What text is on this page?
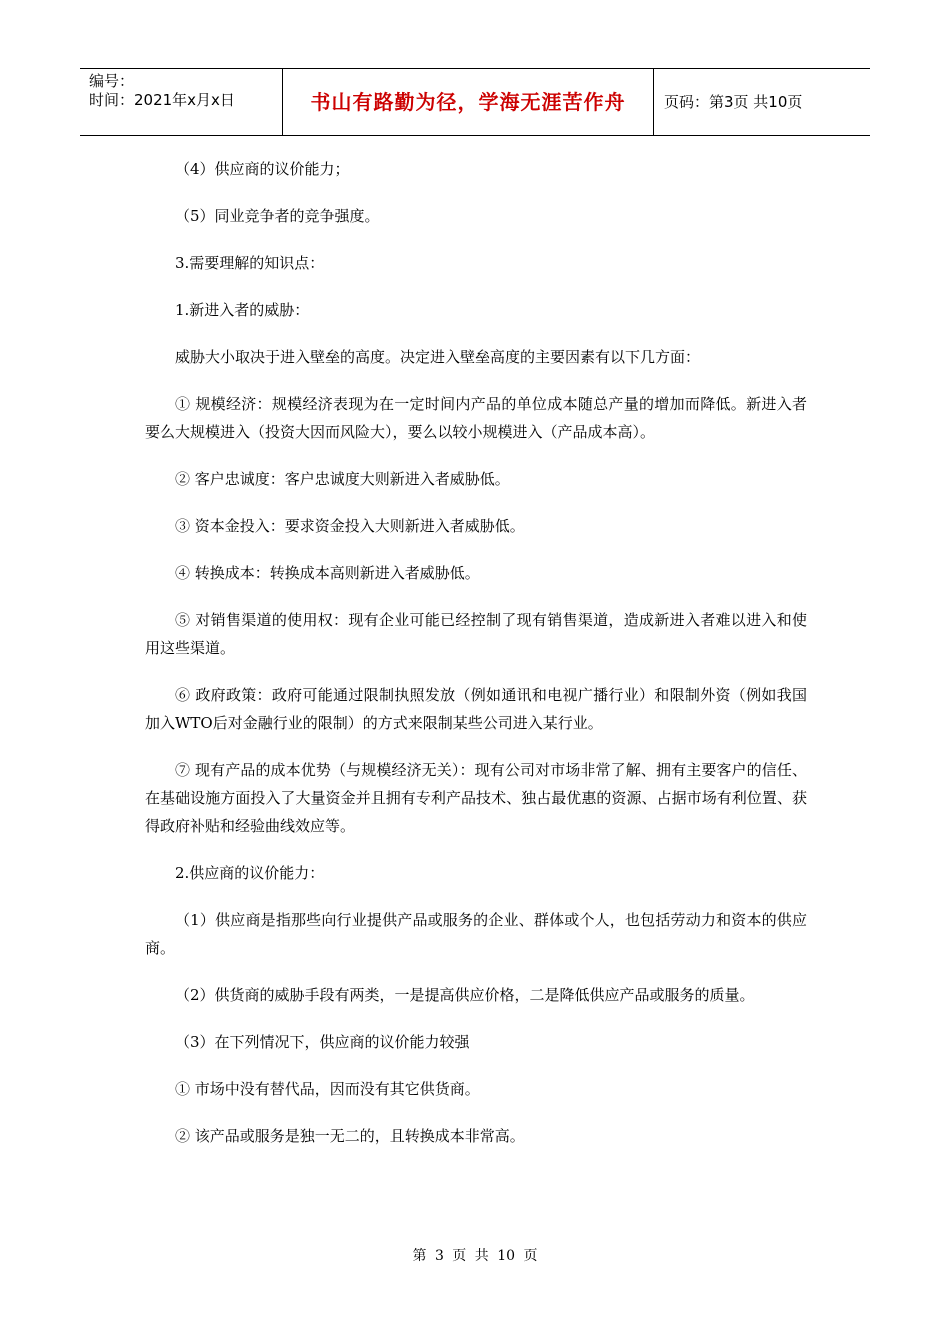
编号：
时间：2021年x月x日	书山有路勤为径，学海无涯苦作舟	页码：第3页 共10页

（4）供应商的议价能力；

（5）同业竞争者的竞争强度。

3.需要理解的知识点：

1.新进入者的威胁：

威胁大小取决于进入壁垒的高度。决定进入壁垒高度的主要因素有以下几方面：

① 规模经济：规模经济表现为在一定时间内产品的单位成本随总产量的增加而降低。新进入者要么大规模进入（投资大因而风险大），要么以较小规模进入（产品成本高）。

② 客户忠诚度：客户忠诚度大则新进入者威胁低。

③ 资本金投入：要求资金投入大则新进入者威胁低。

④ 转换成本：转换成本高则新进入者威胁低。

⑤ 对销售渠道的使用权：现有企业可能已经控制了现有销售渠道，造成新进入者难以进入和使用这些渠道。

⑥ 政府政策：政府可能通过限制执照发放（例如通讯和电视广播行业）和限制外资（例如我国加入WTO后对金融行业的限制）的方式来限制某些公司进入某行业。

⑦ 现有产品的成本优势（与规模经济无关）：现有公司对市场非常了解、拥有主要客户的信任、在基础设施方面投入了大量资金并且拥有专利产品技术、独占最优惠的资源、占据市场有利位置、获得政府补贴和经验曲线效应等。

2.供应商的议价能力：

（1）供应商是指那些向行业提供产品或服务的企业、群体或个人，也包括劳动力和资本的供应商。

（2）供货商的威胁手段有两类，一是提高供应价格，二是降低供应产品或服务的质量。

（3）在下列情况下，供应商的议价能力较强

① 市场中没有替代品，因而没有其它供货商。

② 该产品或服务是独一无二的，且转换成本非常高。

第 3 页 共 10 页
